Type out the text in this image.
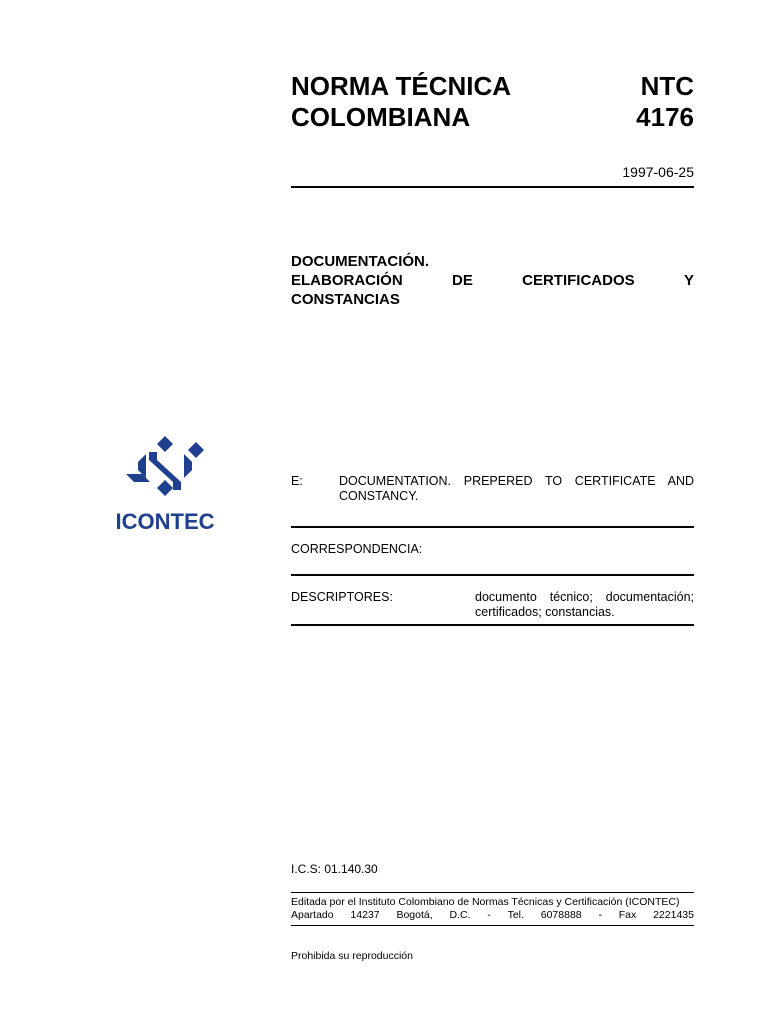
NORMA TÉCNICA
COLOMBIANA
NTC
4176
1997-06-25
DOCUMENTACIÓN.
ELABORACIÓN	DE	CERTIFICADOS	Y
CONSTANCIAS
ICONTEC
E:	DOCUMENTATION. PREPERED TO CERTIFICATE AND CONSTANCY.
CORRESPONDENCIA:
DESCRIPTORES:	documento técnico; documentación; certificados; constancias.
I.C.S: 01.140.30
Editada por el Instituto Colombiano de Normas Técnicas y Certificación (ICONTEC)
Apartado 14237 Bogotá, D.C. - Tel. 6078888 - Fax 2221435
Prohibida su reproducción
